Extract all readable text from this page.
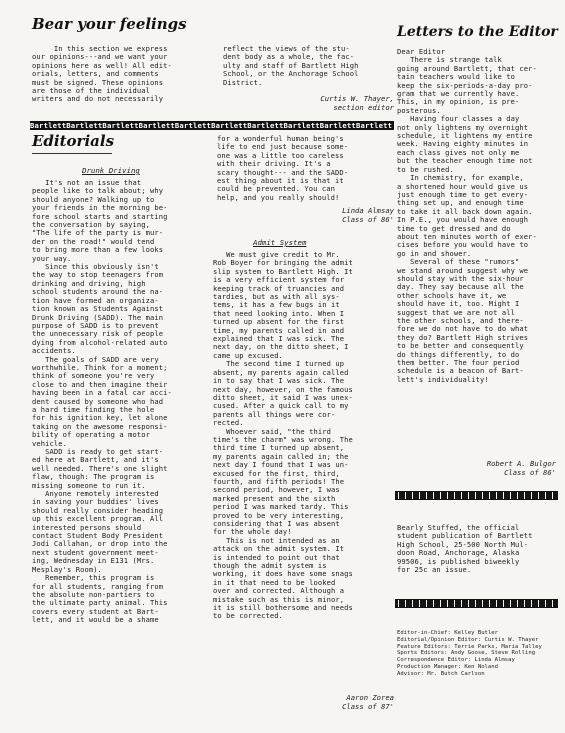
Bear your feelings

In this section we express
our opinions---and we want your
opinions here as well! All edit-
orials, letters, and comments
must be signed. These opinions
are those of the individual
writers and do not necessarily

reflect the views of the stu-
dent body as a whole, the fac-
ulty and staff of Bartlett High
School, or the Anchorage School
District.

Curtis W. Thayer,
section editor

BartlettBartlettBartlettBartlettBartlettBartlettBartlettBartlettBartlettBartlett
Editorials

Drunk Driving

It's not an issue that
people like to talk about; why
should anyone? Walking up to
your friends in the morning be-
fore school starts and starting
the conversation by saying,
"The life of the party is mur-
der on the road!" would tend
to bring more than a few looks
your way.
Since this obviously isn't
the way to stop teenagers from
drinking and driving, high
school students around the na-
tion have formed an organiza-
tion known as Students Against
Drunk Driving (SADD). The main
purpose of SADD is to prevent
the unnecessary risk of people
dying from alcohol-related auto
accidents.
The goals of SADD are very
worthwhile. Think for a moment;
think of someone you're very
close to and then imagine their
having been in a fatal car acci-
dent caused by someone who had
a hard time finding the hole
for his ignition key, let alone
taking on the awesome responsi-
bility of operating a motor
vehicle.
SADD is ready to get start-
ed here at Bartlett, and it's
well needed. There's one slight
flaw, though: The program is
missing someone to run it.
Anyone remotely interested
in saving your buddies' lives
should really consider heading
up this excellent program. All
interested persons should
contact Student Body President
Jodi Callahan, or drop into the
next student government meet-
ing, Wednesday in E131 (Mrs.
Mesplay's Room).
Remember, this program is
for all students, ranging from
the absolute non-partiers to
the ultimate party animal. This
covers every student at Bart-
lett, and it would be a shame

for a wonderful human being's
life to end just because some-
one was a little too careless
with their driving. It's a
scary thought--- and the SADD-
est thing about it is that it
could be prevented. You can
help, and you really should!

Linda Almsay
Class of 86'

Admit System

We must give credit to Mr.
Rob Boyer for bringing the admit
slip system to Bartlett High. It
is a very efficient system for
keeping track of truancies and
tardies, but as with all sys-
tems, it has a few bugs in it
that need looking into. When I
turned up absent for the first
time, my parents called in and
explained that I was sick. The
next day, on the ditto sheet, I
came up excused.
The second time I turned up
absent, my parents again called
in to say that I was sick. The
next day, however, on the famous
ditto sheet, it said I was unex-
cused. After a quick call to my
parents all things were cor-
rected.
Whoever said, "the third
time's the charm" was wrong. The
third time I turned up absent,
my parents again called in; the
next day I found that I was un-
excused for the first, third,
fourth, and fifth periods! The
second period, however, I was
marked present and the sixth
period I was marked tardy. This
proved to be very interesting,
considering that I was absent
for the whole day!
This is not intended as an
attack on the admit system. It
is intended to point out that
though the admit system is
working, it does have some snags
in it that need to be looked
over and corrected. Although a
mistake such as this is minor,
it is still bothersome and needs
to be corrected.

Aaron Zorea
Class of 87'

Letters to the Editor

Dear Editor
There is strange talk
going around Bartlett, that cer-
tain teachers would like to
keep the six-periods-a-day pro-
gram that we currently have.
This, in my opinion, is pre-
posterous.
Having four classes a day
not only lightens my overnight
schedule, it lightens my entire
week. Having eighty minutes in
each class gives not only me
but the teacher enough time not
to be rushed.
In chemistry, for example,
a shortened hour would give us
just enough time to get every-
thing set up, and enough time
to take it all back down again.
In P.E., you would have enough
time to get dressed and do
about ten minutes worth of exer-
cises before you would have to
go in and shower.
Several of these "rumors"
we stand around suggest why we
should stay with the six-hour
day. They say because all the
other schools have it, we
should have it, too. Might I
suggest that we are not all
the other schools, and there-
fore we do not have to do what
they do? Bartlett High strives
to be better and consequently
do things differently, to do
them better. The four period
schedule is a beacon of Bart-
lett's individuality!

Robert A. Bulgor
Class of 86'

Bearly Stuffed, the official
student publication of Bartlett
High School, 25-500 North Mul-
doon Road, Anchorage, Alaska
99506, is published biweekly
for 25c an issue.

Editor-in-Chief: Kelley Butler
Editorial/Opinion Editor: Curtis W. Thayer
Feature Editors: Terrie Parks, Maria Talley
Sports Editors: Andy Goose, Steve Rolling
Correspondence Editor: Linda Almsay
Production Manager: Ken Noland
Advisor: Mr. Butch Carlson
